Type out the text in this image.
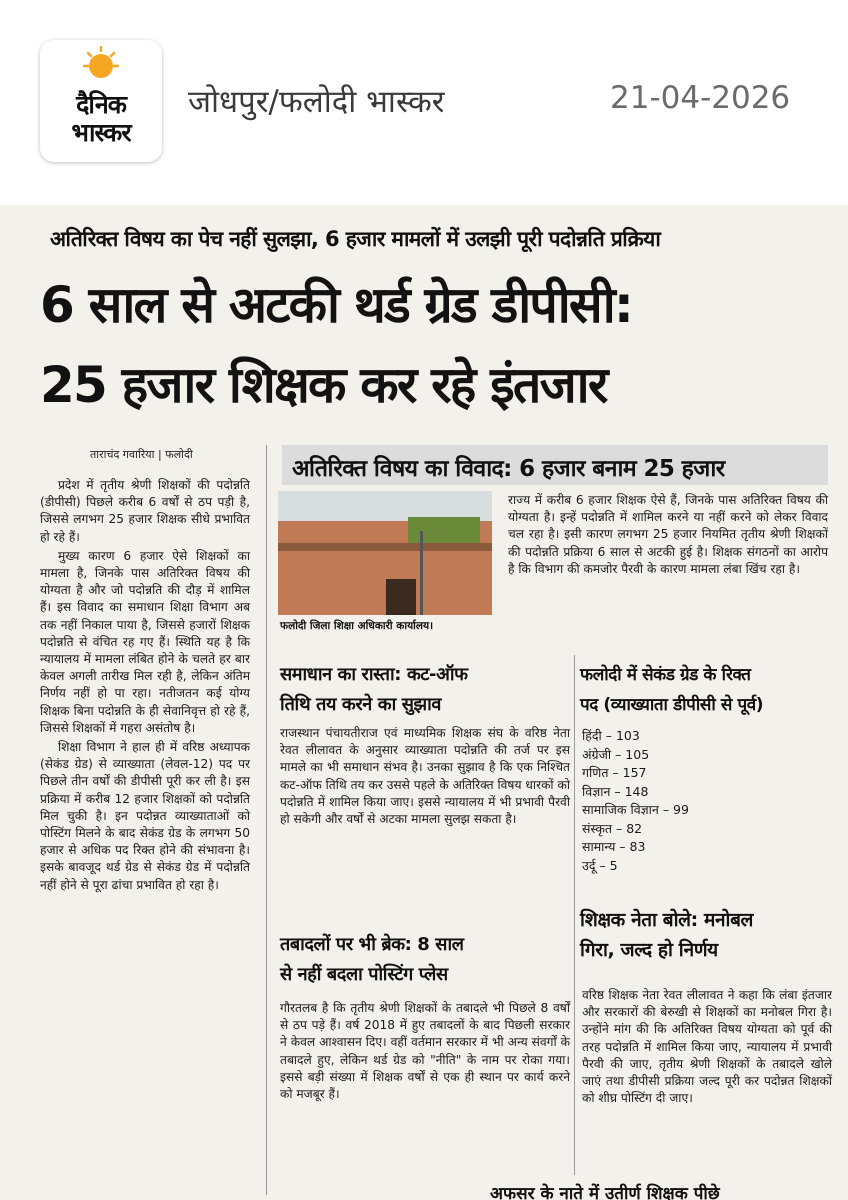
दैनिक
भास्कर
जोधपुर/फलोदी भास्कर	21-04-2026
अतिरिक्त विषय का पेच नहीं सुलझा, 6 हजार मामलों में उलझी पूरी पदोन्नति प्रक्रिया
6 साल से अटकी थर्ड ग्रेड डीपीसी:
25 हजार शिक्षक कर रहे इंतजार
ताराचंद गवारिया | फलोदी

प्रदेश में तृतीय श्रेणी शिक्षकों की पदोन्नति (डीपीसी) पिछले करीब 6 वर्षों से ठप पड़ी है, जिससे लगभग 25 हजार शिक्षक सीधे प्रभावित हो रहे हैं।

मुख्य कारण 6 हजार ऐसे शिक्षकों का मामला है, जिनके पास अतिरिक्त विषय की योग्यता है और जो पदोन्नति की दौड़ में शामिल हैं। इस विवाद का समाधान शिक्षा विभाग अब तक नहीं निकाल पाया है, जिससे हजारों शिक्षक पदोन्नति से वंचित रह गए हैं। स्थिति यह है कि न्यायालय में मामला लंबित होने के चलते हर बार केवल अगली तारीख मिल रही है, लेकिन अंतिम निर्णय नहीं हो पा रहा। नतीजतन कई योग्य शिक्षक बिना पदोन्नति के ही सेवानिवृत्त हो रहे हैं, जिससे शिक्षकों में गहरा असंतोष है।

शिक्षा विभाग ने हाल ही में वरिष्ठ अध्यापक (सेकंड ग्रेड) से व्याख्याता (लेवल-12) पद पर पिछले तीन वर्षों की डीपीसी पूरी कर ली है। इस प्रक्रिया में करीब 12 हजार शिक्षकों को पदोन्नति मिल चुकी है। इन पदोन्नत व्याख्याताओं को पोस्टिंग मिलने के बाद सेकंड ग्रेड के लगभग 50 हजार से अधिक पद रिक्त होने की संभावना है। इसके बावजूद थर्ड ग्रेड से सेकंड ग्रेड में पदोन्नति नहीं होने से पूरा ढांचा प्रभावित हो रहा है।

अतिरिक्त विषय का विवाद: 6 हजार बनाम 25 हजार
फलोदी जिला शिक्षा अधिकारी कार्यालय।

राज्य में करीब 6 हजार शिक्षक ऐसे हैं, जिनके पास अतिरिक्त विषय की योग्यता है। इन्हें पदोन्नति में शामिल करने या नहीं करने को लेकर विवाद चल रहा है। इसी कारण लगभग 25 हजार नियमित तृतीय श्रेणी शिक्षकों की पदोन्नति प्रक्रिया 6 साल से अटकी हुई है। शिक्षक संगठनों का आरोप है कि विभाग की कमजोर पैरवी के कारण मामला लंबा खिंच रहा है।

समाधान का रास्ता: कट-ऑफ
तिथि तय करने का सुझाव

राजस्थान पंचायतीराज एवं माध्यमिक शिक्षक संघ के वरिष्ठ नेता रेवत लीलावत के अनुसार व्याख्याता पदोन्नति की तर्ज पर इस मामले का भी समाधान संभव है। उनका सुझाव है कि एक निश्चित कट-ऑफ तिथि तय कर उससे पहले के अतिरिक्त विषय धारकों को पदोन्नति में शामिल किया जाए। इससे न्यायालय में भी प्रभावी पैरवी हो सकेगी और वर्षों से अटका मामला सुलझ सकता है।

तबादलों पर भी ब्रेक: 8 साल
से नहीं बदला पोस्टिंग प्लेस

गौरतलब है कि तृतीय श्रेणी शिक्षकों के तबादले भी पिछले 8 वर्षों से ठप पड़े हैं। वर्ष 2018 में हुए तबादलों के बाद पिछली सरकार ने केवल आश्वासन दिए। वहीं वर्तमान सरकार में भी अन्य संवर्गों के तबादले हुए, लेकिन थर्ड ग्रेड को "नीति" के नाम पर रोका गया। इससे बड़ी संख्या में शिक्षक वर्षों से एक ही स्थान पर कार्य करने को मजबूर हैं।

फलोदी में सेकंड ग्रेड के रिक्त
पद (व्याख्याता डीपीसी से पूर्व)
हिंदी – 103
अंग्रेजी – 105
गणित – 157
विज्ञान – 148
सामाजिक विज्ञान – 99
संस्कृत – 82
सामान्य – 83
उर्दू – 5
शिक्षक नेता बोले: मनोबल
गिरा, जल्द हो निर्णय

वरिष्ठ शिक्षक नेता रेवत लीलावत ने कहा कि लंबा इंतजार और सरकारों की बेरुखी से शिक्षकों का मनोबल गिरा है। उन्होंने मांग की कि अतिरिक्त विषय योग्यता को पूर्व की तरह पदोन्नति में शामिल किया जाए, न्यायालय में प्रभावी पैरवी की जाए, तृतीय श्रेणी शिक्षकों के तबादले खोले जाएं तथा डीपीसी प्रक्रिया जल्द पूरी कर पदोन्नत शिक्षकों को शीघ्र पोस्टिंग दी जाए।

अफसर के नाते में उतीर्ण शिक्षक पीछे
